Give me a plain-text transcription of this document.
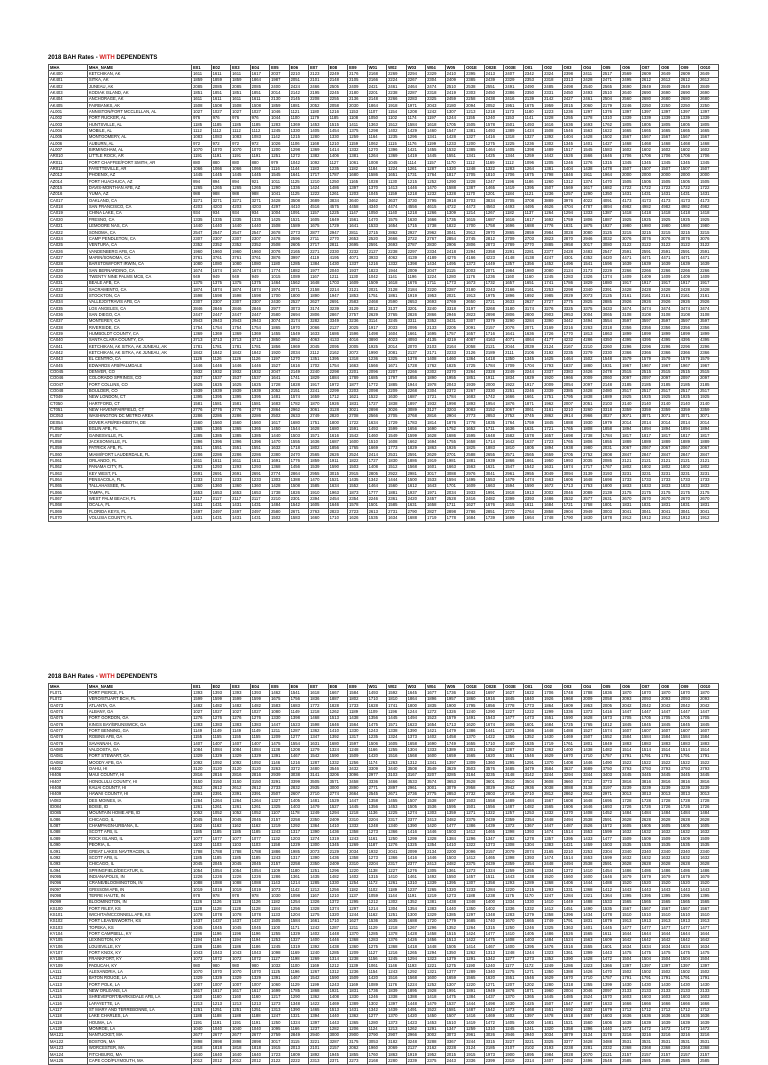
2018 BAH Rates - WITH DEPENDENTS
MHA	MHA_NAME	E01	E02	E03	E04	E05	E06	E07	E08	E09	W01	W02	W03	W04	W05	O01E	O02E	O03E	O01	O02	O03	O04	O05	O06	O07	O08	O09	O010
AK400	KETCHIKAN, AK	1611	1611	1611	1617	2037	2210	2123	2249	2176	2168	2269	2294	2329	2410	2395	2413	2407	2342	2324	2398	2411	2517	2569	2609	2649	2609	2649
AK401	SITKA, AK	1859	1859	1859	1864	1987	2051	2101	2148	2105	2166	2224	2267	2304	2409	2385	2439	2329	2353	2318	2313	2428	2471	2495	2612	2612	2612	2612
AK402	JUNEAU, AK	2085	2085	2085	2085	2400	2424	2466	2505	2409	2421	2461	2464	2474	2510	2538	2551	2491	2490	2485	2498	2540	2565	2690	2849	2849	2849	2849
AK403	KODIAK ISLAND, AK	1851	1851	1851	1851	2014	2142	2195	2245	2180	2201	2238	2287	2318	2419	2303	2450	2386	2350	2331	2450	2493	2510	2640	2690	2690	2690	2690
AK404	ANCHORAGE, AK	1611	1611	1611	1611	2130	2145	2208	2255	2136	2148	2266	2283	2325	2459	2258	2438	2416	2139	2142	2427	2461	2504	2560	2680	2680	2680	2680
AK405	FAIRBANKS, AK	1508	1508	1508	1508	1859	1881	2052	2058	2030	1864	1918	1971	2043	2180	2094	2052	1951	1675	1959	2015	2060	2179	2246	2250	2250	2250	2250
AL001	ANNISTON/FORT MCCLELLAN, AL	1027	1027	1027	1027	1046	1121	1180	1216	1153	1107	1154	1208	1242	1307	1213	1218	1173	1180	1223	1236	1297	1376	1397	1397	1397	1397	1397
AL002	FORT RUCKER, AL	976	976	976	976	1044	1100	1179	1185	1108	1050	1102	1174	1197	1244	1155	1240	1153	1141	1228	1255	1278	1310	1339	1339	1339	1339	1339
AL003	HUNTSVILLE, AL	1185	1185	1185	1185	1283	1369	1453	1515	1411	1363	1512	1584	1618	1705	1505	1578	1501	1493	1616	1636	1693	1762	1805	1805	1805	1805	1805
AL004	MOBILE, AL	1112	1112	1112	1112	1245	1330	1405	1454	1375	1298	1402	1429	1460	1547	1381	1493	1389	1424	1508	1546	1563	1622	1665	1665	1665	1665	1665
AL005	MONTGOMERY, AL	1083	1083	1083	1083	1142	1215	1280	1330	1259	1164	1235	1296	1341	1428	1327	1416	1318	1327	1392	1404	1428	1502	1567	1567	1567	1567	1567
AL006	AUBURN, AL	972	972	972	972	1026	1106	1168	1210	1159	1062	1115	1176	1199	1233	1200	1275	1225	1236	1302	1345	1401	1427	1468	1468	1468	1468	1468
AL007	BIRMINGHAM, AL	1070	1070	1070	1070	1200	1298	1369	1414	1332	1270	1396	1421	1455	1532	1385	1464	1405	1398	1489	1517	1545	1583	1602	1602	1602	1602	1602
AR010	LITTLE ROCK, AR	1191	1191	1191	1191	1251	1272	1382	1406	1381	1264	1369	1419	1445	1551	1341	1425	1344	1259	1442	1526	1566	1646	1706	1706	1706	1706	1706
AR011	FORT CHAFFEE/FORT SMITH, AR	880	880	880	880	979	1042	1092	1127	1061	1008	1045	1114	1157	1170	1112	1169	1112	1096	1205	1246	1276	1315	1345	1345	1345	1345	1345
AR012	FAYETTEVILLE, AR	1066	1066	1066	1066	1116	1144	1183	1235	1182	1184	1224	1261	1287	1320	1248	1322	1283	1264	1381	1404	1438	1478	1507	1507	1507	1507	1507
AZ012	PHOENIX, AZ	1445	1445	1445	1445	1545	1641	1717	1787	1680	1586	1651	1731	1764	1817	1705	1810	1706	1675	1798	1846	1911	1964	2000	2000	2000	2000	2000
AZ014	FORT HUACHUCA, AZ	894	894	894	921	1011	1125	1210	1250	1165	1028	1130	1215	1252	1290	1228	1247	1196	1186	1260	1312	1374	1470	1505	1505	1505	1505	1505
AZ015	DAVIS-MONTHAN AFB, AZ	1265	1265	1265	1265	1290	1336	1424	1486	1397	1370	1413	1446	1470	1588	1387	1465	1419	1395	1507	1569	1617	1682	1722	1722	1722	1722	1722
AZ016	YUMA, AZ	988	988	988	988	1041	1125	1222	1261	1203	1045	1159	1218	1232	1328	1170	1201	1184	1121	1236	1257	1290	1350	1431	1431	1431	1431	1431
CA017	OAKLAND, CA	3271	3271	3271	3271	3428	3508	3689	3834	3640	3462	3637	3730	3795	3918	3703	3834	3705	3708	3889	3976	4022	4091	4173	4173	4173	4173	4173
CA018	SAN FRANCISCO, CA	4203	4203	4203	4203	4297	4410	4516	4575	4458	4340	4474	4556	4615	4722	4473	4563	4493	4495	4626	4704	4787	4894	4982	4982	4982	4982	4982
CA019	CHINA LAKE, CA	934	934	934	934	1004	1091	1157	1225	1147	1050	1140	1218	1266	1309	1214	1267	1182	1137	1264	1294	1333	1387	1418	1418	1418	1418	1418
CA020	FRESNO, CA	1335	1335	1335	1335	1425	1521	1605	1649	1561	1470	1575	1630	1666	1735	1615	1687	1616	1617	1692	1759	1806	1887	1925	1925	1925	1925	1925
CA021	LEMOORE NAS, CA	1440	1440	1440	1440	1508	1589	1675	1729	1641	1533	1654	1715	1738	1822	1700	1758	1696	1688	1776	1831	1875	1927	1980	1980	1980	1980	1980
CA022	SONOMA, CA	2547	2547	2547	2547	2678	2773	2877	2947	2811	2715	2862	2927	2962	3041	2912	2970	2865	2859	2984	3028	3080	3125	3215	3215	3215	3215	3215
CA024	CAMP PENDLETON, CA	2307	2307	2307	2307	2478	2596	2711	2770	2653	2520	2666	2722	2767	2854	2745	2812	2709	2703	2823	2870	2946	3032	3076	3076	3076	3076	3076
CA025	VENTURA, CA	2352	2352	2352	2352	2508	2605	2717	2811	2695	2591	2693	2787	2830	2906	2806	2873	2789	2770	2885	2958	3017	3080	3122	3122	3122	3122	3122
CA026	VANDENBERG AFB, CA	1960	1960	1960	1960	2076	2165	2271	2330	2232	2127	2238	2297	2334	2418	2294	2358	2291	2281	2377	2428	2483	2547	2591	2591	2591	2591	2591
CA027	MARIN/SONOMA, CA	3761	3761	3761	3761	3876	3997	4119	4195	4071	3933	4062	4139	4189	4276	4166	4223	4148	4138	4247	4301	4352	4420	4471	4471	4471	4471	4471
CA028	BARSTOW/FORT IRWIN, CA	1080	1080	1080	1080	1180	1285	1384	1430	1337	1216	1332	1398	1434	1495	1373	1449	1357	1356	1452	1496	1541	1596	1639	1639	1639	1639	1639
CA029	SAN BERNARDINO, CA	1674	1674	1674	1674	1774	1882	1977	2040	1937	1823	1944	2009	2047	2115	2003	2071	1984	1980	2080	2124	2173	2229	2266	2266	2266	2266	2266
CA030	TWENTY NINE PALMS MCB, CA	949	949	949	949	1015	1089	1167	1211	1130	1042	1141	1196	1224	1280	1176	1236	1160	1160	1245	1283	1326	1374	1409	1409	1409	1409	1409
CA031	BEALE AFB, CA	1375	1375	1375	1375	1464	1562	1648	1703	1609	1509	1618	1676	1711	1773	1673	1732	1657	1651	1741	1786	1829	1880	1917	1917	1917	1917	1917
CA032	SACRAMENTO, CA	1874	1874	1874	1874	1974	2071	2158	2214	2121	2021	2128	2184	2220	2287	2180	2243	2166	2161	2253	2298	2340	2391	2428	2428	2428	2428	2428
CA033	STOCKTON, CA	1598	1598	1598	1598	1700	1800	1890	1947	1853	1751	1861	1919	1953	2021	1913	1975	1896	1892	1985	2029	2073	2125	2161	2161	2161	2161	2161
CA034	VALLEJO/TRAVIS AFB, CA	2307	2307	2307	2307	2430	2527	2627	2691	2583	2468	2590	2653	2693	2769	2650	2721	2633	2627	2727	2775	2825	2885	2926	2926	2926	2926	2926
CA035	LOS ANGELES, CA	2846	2846	2846	2846	2977	3073	3174	3239	3129	3012	3137	3201	3240	3318	3197	3268	3180	3174	3276	3325	3375	3433	3474	3474	3474	3474	3474
CA036	SAN DIEGO, CA	2447	2447	2447	2447	2580	2694	2806	2867	2757	2629	2765	2826	2866	2946	2823	2898	2806	2800	2903	2953	3004	3065	3108	3108	3108	3108	3108
CA037	MONTEREY, CA	2943	2943	2943	2943	3074	3174	3282	3349	3236	3114	3245	3311	3352	3431	3307	3379	3290	3284	3390	3442	3494	3554	3597	3597	3597	3597	3597
CA038	RIVERSIDE, CA	1754	1754	1754	1754	1865	1970	2066	2127	2025	1917	2033	2095	2133	2205	2091	2157	2076	2071	2169	2216	2263	2318	2356	2356	2356	2356	2356
CA039	HUMBOLDT COUNTY, CA	1369	1369	1369	1369	1455	1549	1633	1686	1596	1498	1604	1661	1695	1757	1657	1716	1641	1636	1726	1770	1813	1863	1899	1899	1899	1899	1899
CA040	SANTA CLARA COUNTY, CA	3713	3713	3713	3713	3850	3952	4063	4133	4016	3890	4023	4093	4135	4219	4087	4163	4071	4064	4177	4232	4286	4350	4395	4395	4395	4395	4395
CA041	KETCHIKAN, AK SITKA, AK JUNEAU, AK	1781	1781	1781	1781	1856	1969	2045	2095	2005	1925	2014	2070	2103	2164	2058	2121	2044	2039	2124	2167	2210	2260	2296	2296	2296	2296	2296
CA042	KETCHIKAN, AK SITKA, AK JUNEAU, AK	1842	1842	1842	1842	1920	2034	2112	2162	2072	1990	2081	2137	2171	2233	2126	2189	2111	2106	2192	2235	2279	2330	2366	2366	2366	2366	2366
CA043	EL CENTRO, CA	1126	1126	1126	1126	1197	1270	1351	1395	1318	1236	1325	1378	1408	1460	1364	1418	1350	1345	1425	1464	1502	1548	1579	1579	1579	1579	1579
CA045	EDWARDS AFB/PALMDALE	1446	1446	1446	1446	1527	1616	1702	1754	1663	1566	1671	1728	1762	1825	1725	1784	1709	1704	1793	1837	1880	1931	1967	1967	1967	1967	1967
CO045	DENVER, CO	1932	1932	1932	1932	2047	2149	2240	2298	2201	2096	2207	2266	2302	2370	2264	2328	2249	2244	2337	2383	2426	2478	2515	2515	2515	2515	2515
CO046	COLORADO SPRINGS, CO	1537	1537	1537	1537	1641	1741	1829	1884	1789	1685	1797	1856	1890	1955	1851	1911	1834	1829	1920	1966	2009	2060	2097	2097	2097	2097	2097
CO047	FORT COLLINS, CO	1625	1625	1625	1625	1728	1828	1917	1972	1877	1772	1885	1944	1978	2043	1939	2000	1922	1917	2009	2054	2097	2148	2185	2185	2185	2185	2185
CO048	BOULDER, CO	1939	1939	1939	1939	2052	2151	2241	2299	2203	2098	2209	2268	2304	2372	2267	2330	2251	2246	2339	2385	2428	2480	2517	2517	2517	2517	2517
CT049	NEW LONDON, CT	1395	1395	1395	1395	1481	1574	1659	1712	1621	1522	1630	1687	1721	1784	1683	1742	1666	1661	1751	1795	1838	1889	1925	1925	1925	1925	1925
CT050	HARTFORD, CT	1581	1581	1581	1581	1683	1782	1870	1926	1831	1727	1838	1897	1932	1998	1893	1954	1876	1871	1962	2007	2051	2103	2140	2140	2140	2140	2140
CT051	NEW HAVEN/FAIRFIELD, CT	2776	2776	2776	2776	2864	2962	3061	3128	3021	2898	3026	3089	3127	3203	3083	3152	3067	3061	3161	3210	3260	3318	3359	3359	3359	3359	3359
DC053	WASHINGTON DC METRO AREA	2286	2286	2286	2286	2502	2633	2749	2820	2708	2566	2705	2768	2816	2904	2773	2853	2752	2745	2862	2914	2966	3027	3071	3071	3071	3071	3071
DE054	DOVER AFB/REHOBOTH, DE	1560	1560	1560	1560	1617	1680	1751	1800	1722	1634	1729	1783	1814	1876	1778	1835	1764	1759	1845	1888	1930	1979	2014	2014	2014	2014	2014
FL056	EGLIN AFB, FL	1365	1365	1365	1365	1450	1544	1628	1680	1591	1493	1599	1656	1690	1752	1652	1711	1636	1631	1721	1765	1808	1858	1894	1894	1894	1894	1894
FL057	GAINESVILLE, FL	1385	1385	1385	1385	1440	1503	1571	1616	1542	1460	1549	1599	1628	1686	1595	1648	1582	1578	1657	1698	1738	1784	1817	1817	1817	1817	1817
FL058	JACKSONVILLE, FL	1396	1396	1396	1396	1470	1555	1636	1687	1600	1510	1608	1662	1694	1755	1658	1714	1642	1637	1723	1765	1806	1855	1889	1889	1889	1889	1889
FL059	PATRICK AFB, FL	1551	1551	1551	1551	1632	1718	1802	1856	1765	1669	1773	1829	1863	1926	1825	1883	1810	1805	1894	1938	1980	2031	2067	2067	2067	2067	2067
FL060	MIAMI/FORT LAUDERDALE, FL	2286	2286	2286	2286	2380	2470	2565	2626	2524	2414	2531	2591	2629	2701	2588	2655	2571	2565	2659	2705	2752	2808	2847	2847	2847	2847	2847
FL061	ORLANDO, FL	1611	1611	1611	1611	1691	1776	1859	1911	1822	1727	1830	1886	1919	1981	1881	1939	1866	1861	1950	1993	2035	2085	2121	2121	2121	2121	2121
FL062	PANAMA CITY, FL	1293	1293	1293	1293	1368	1456	1539	1590	1503	1408	1512	1568	1601	1663	1563	1621	1547	1542	1631	1674	1717	1767	1802	1802	1802	1802	1802
FL063	KEY WEST, FL	2691	2691	2691	2691	2774	2864	2955	3015	2915	2805	2922	2981	3017	3088	2976	3041	2961	2955	3049	3094	3139	3193	3231	3231	3231	3231	3231
FL064	PENSACOLA, FL	1233	1233	1233	1233	1303	1388	1470	1521	1435	1342	1444	1500	1533	1594	1495	1553	1479	1474	1563	1606	1648	1698	1733	1733	1733	1733	1733
FL065	TALLAHASSEE, FL	1360	1360	1360	1360	1428	1508	1585	1634	1552	1464	1560	1612	1643	1701	1609	1663	1594	1590	1672	1713	1753	1800	1833	1833	1833	1833	1833
FL066	TAMPA, FL	1653	1653	1653	1653	1738	1826	1910	1963	1873	1777	1881	1937	1971	2034	1933	1991	1918	1913	2002	2046	2089	2139	2175	2175	2175	2175	2175
FL067	WEST PALM BEACH, FL	2117	2117	2117	2117	2210	2301	2394	2454	2354	2246	2361	2420	2457	2528	2416	2482	2399	2393	2486	2532	2577	2631	2670	2670	2670	2670	2670
FL068	OCALA, FL	1431	1431	1431	1431	1484	1542	1605	1646	1578	1501	1585	1631	1658	1711	1627	1676	1615	1611	1684	1721	1758	1801	1831	1831	1831	1831	1831
FL069	FLORIDA KEYS, FL	2497	2497	2497	2497	2580	2671	2763	2823	2723	2613	2731	2790	2827	2898	2786	2851	2770	2764	2858	2904	2949	3003	3041	3041	3041	3041	3041
FL070	VOLUSIA COUNTY, FL	1431	1431	1431	1431	1502	1583	1660	1710	1626	1535	1634	1688	1719	1778	1684	1739	1669	1664	1748	1790	1830	1878	1912	1912	1912	1912	1912
2018 BAH Rates - WITH DEPENDENTS
MHA	MHA_NAME	E01	E02	E03	E04	E05	E06	E07	E08	E09	W01	W02	W03	W04	W05	O01E	O02E	O03E	O01	O02	O03	O04	O05	O06	O07	O08	O09	O010
FL071	FORT PIERCE, FL	1393	1393	1393	1393	1462	1541	1618	1667	1584	1493	1592	1645	1677	1736	1642	1697	1627	1622	1706	1748	1788	1836	1870	1870	1870	1870	1870
FL072	VERO/STUART BCH, FL	1599	1599	1599	1599	1675	1756	1836	1887	1802	1710	1810	1864	1896	1957	1860	1916	1845	1840	1926	1968	2009	2058	2093	2093	2093	2093	2093
GA073	ATLANTA, GA	1482	1482	1482	1482	1583	1683	1772	1828	1733	1628	1741	1800	1835	1900	1795	1856	1778	1773	1864	1909	1953	2005	2042	2042	2042	2042	2042
GA074	ALBANY, GA	1027	1027	1027	1027	1080	1149	1218	1262	1189	1109	1196	1244	1272	1326	1240	1290	1227	1222	1299	1336	1373	1416	1447	1447	1447	1447	1447
GA075	FORT GORDON, GA	1276	1276	1276	1276	1330	1398	1468	1513	1438	1356	1445	1494	1523	1579	1491	1543	1477	1473	1551	1590	1628	1673	1705	1705	1705	1705	1705
GA076	KINGS BAY/BRUNSWICK, GA	1383	1383	1383	1383	1447	1523	1598	1646	1564	1475	1571	1623	1654	1713	1620	1674	1606	1601	1684	1725	1765	1812	1845	1845	1845	1845	1845
GA077	FORT BENNING, GA	1149	1149	1149	1149	1211	1287	1362	1410	1330	1243	1338	1390	1421	1479	1386	1441	1371	1366	1448	1488	1527	1574	1607	1607	1607	1607	1607
GA078	ROBINS AFB, GA	1155	1155	1155	1155	1209	1277	1347	1392	1317	1235	1324	1373	1402	1458	1370	1422	1356	1352	1430	1469	1507	1552	1584	1584	1584	1584	1584
GA079	SAVANNAH, GA	1407	1407	1407	1407	1475	1554	1631	1680	1597	1506	1605	1658	1690	1749	1655	1710	1640	1635	1719	1761	1801	1849	1883	1883	1883	1883	1883
GA080	VALDOSTA, GA	1084	1084	1084	1084	1138	1208	1279	1324	1248	1166	1255	1304	1333	1389	1301	1352	1287	1283	1362	1400	1438	1482	1514	1514	1514	1514	1514
GA081	FORT STEWART, GA	1329	1329	1329	1329	1391	1467	1542	1590	1509	1420	1516	1568	1600	1659	1565	1620	1551	1546	1629	1670	1710	1757	1791	1791	1791	1791	1791
GA082	MOODY AFB, GA	1092	1092	1092	1092	1146	1216	1287	1332	1256	1174	1263	1312	1341	1397	1309	1360	1295	1291	1370	1408	1446	1490	1522	1522	1522	1522	1522
HI402	OAHU, HI	3120	3120	3120	3120	3263	3372	3480	3546	3432	3309	3440	3508	3549	3629	3503	3576	3485	3479	3584	3637	3689	3750	3793	3793	3793	3793	3793
HI406	MAUI COUNTY, HI	2816	2816	2816	2816	2939	3038	3141	3206	3096	2977	3103	3167	3207	3285	3164	3235	3148	3142	3244	3294	3344	3403	3445	3445	3445	3445	3445
HI407	HONOLULU COUNTY, HI	3150	3150	3150	3150	3291	3399	3505	3571	3458	3336	3466	3533	3574	3653	3528	3601	3510	3504	3608	3660	3712	3773	3816	3816	3816	3816	3816
HI408	KAUAI COUNTY, HI	2612	2612	2612	2612	2733	2832	2935	3000	2890	2771	2897	2961	3001	3079	2958	3029	2942	2936	3038	3088	3138	3197	3239	3239	3239	3239	3239
HI409	HAWAII COUNTY, HI	2391	2391	2391	2391	2507	2607	2710	2774	2664	2545	2671	2736	2775	2853	2732	2803	2716	2710	2812	2862	2912	2971	3013	3013	3013	3013	3013
IA083	DES MOINES, IA	1264	1264	1264	1264	1327	1405	1481	1529	1447	1358	1455	1507	1538	1597	1503	1558	1489	1484	1567	1608	1648	1695	1728	1728	1728	1728	1728
ID084	BOISE, ID	1261	1261	1261	1261	1325	1403	1479	1527	1445	1356	1453	1505	1536	1595	1501	1556	1487	1482	1565	1606	1646	1693	1726	1726	1726	1726	1726
ID085	MOUNTAIN HOME AFB, ID	1052	1052	1052	1052	1107	1178	1249	1294	1218	1136	1225	1274	1303	1359	1271	1322	1257	1253	1332	1370	1408	1452	1484	1484	1484	1484	1484
IL086	CHICAGO, IL	2045	2045	2045	2045	2157	2258	2350	2409	2310	2204	2317	2377	2413	2482	2375	2439	2359	2354	2448	2494	2538	2591	2628	2628	2628	2628	2628
IL087	CHAMPAIGN-URBANA, IL	1162	1162	1162	1162	1219	1292	1364	1410	1332	1248	1340	1390	1420	1477	1386	1439	1372	1367	1447	1487	1526	1572	1605	1605	1605	1605	1605
IL088	SCOTT AFB, IL	1185	1185	1185	1185	1243	1317	1390	1436	1358	1273	1366	1416	1446	1503	1412	1465	1398	1393	1474	1514	1553	1599	1632	1632	1632	1632	1632
IL089	ROCK ISLAND, IL	1077	1077	1077	1077	1132	1203	1274	1319	1243	1161	1250	1299	1328	1384	1296	1347	1282	1278	1357	1395	1433	1477	1509	1509	1509	1509	1509
IL090	PEORIA, IL	1103	1103	1103	1103	1158	1229	1300	1345	1269	1187	1276	1325	1354	1410	1322	1373	1308	1304	1383	1421	1459	1503	1535	1535	1535	1535	1535
IL091	GREAT LAKES NAVTRACEN, IL	1788	1788	1788	1788	1886	1985	2073	2129	2034	1932	2041	2099	2134	2200	2096	2157	2079	2074	2165	2210	2253	2304	2340	2340	2340	2340	2340
IL092	SCOTT AFB, IL	1185	1185	1185	1185	1243	1317	1390	1436	1358	1273	1366	1416	1446	1503	1412	1465	1398	1393	1474	1514	1553	1599	1632	1632	1632	1632	1632
IL093	CHICAGO, IL	2045	2045	2045	2045	2157	2258	2350	2409	2310	2204	2317	2377	2413	2482	2375	2439	2359	2354	2448	2494	2538	2591	2628	2628	2628	2628	2628
IL094	SPRINGFIELD/DECATUR, IL	1054	1054	1054	1054	1109	1180	1251	1296	1220	1138	1227	1276	1305	1361	1273	1324	1259	1255	1334	1372	1410	1454	1486	1486	1486	1486	1486
IN095	INDIANAPOLIS, IN	1226	1226	1226	1226	1286	1361	1435	1482	1402	1315	1410	1461	1492	1550	1457	1511	1443	1438	1520	1560	1600	1646	1679	1679	1679	1679	1679
IN096	CRANE/BLOOMINGTON, IN	1088	1088	1088	1088	1143	1214	1285	1330	1254	1172	1261	1310	1339	1395	1307	1358	1293	1289	1368	1406	1444	1488	1520	1520	1520	1520	1520
IN097	GRISSOM AFB, IN	1019	1019	1019	1019	1073	1142	1212	1256	1182	1102	1189	1237	1265	1320	1233	1284	1220	1215	1293	1331	1368	1412	1443	1443	1443	1443	1443
IN098	TERRE HAUTE, IN	978	978	978	978	1030	1098	1167	1210	1137	1059	1144	1191	1219	1273	1188	1238	1175	1170	1247	1284	1321	1364	1395	1395	1395	1395	1395
IN099	BLOOMINGTON, IN	1126	1126	1126	1126	1182	1254	1326	1372	1295	1212	1302	1352	1381	1438	1348	1400	1334	1330	1410	1449	1488	1533	1565	1565	1565	1565	1565
KS100	FORT RILEY, KS	1128	1128	1128	1128	1184	1256	1328	1374	1297	1214	1304	1354	1383	1440	1350	1402	1336	1332	1412	1451	1490	1535	1567	1567	1567	1567	1567
KS101	WICHITA/MCCONNELL AFB, KS	1078	1078	1078	1078	1133	1204	1275	1320	1244	1162	1251	1300	1329	1385	1297	1348	1283	1279	1358	1396	1434	1478	1510	1510	1510	1510	1510
KS102	FORT LEAVENWORTH, KS	1437	1437	1437	1437	1505	1584	1661	1710	1627	1536	1635	1688	1720	1779	1685	1740	1670	1665	1749	1791	1831	1879	1913	1913	1913	1913	1913
KS103	TOPEKA, KS	1045	1045	1045	1045	1100	1171	1242	1287	1211	1129	1218	1267	1296	1352	1264	1315	1250	1246	1325	1363	1401	1445	1477	1477	1477	1477	1477
KY104	FORT CAMPBELL, KY	1196	1196	1196	1196	1255	1329	1402	1448	1370	1285	1378	1428	1458	1515	1424	1477	1410	1405	1486	1526	1565	1611	1644	1644	1644	1644	1644
KY105	LEXINGTON, KY	1194	1194	1194	1194	1253	1327	1400	1446	1368	1283	1376	1426	1456	1513	1422	1475	1408	1403	1484	1524	1563	1609	1642	1642	1642	1642	1642
KY106	LOUISVILLE, KY	1186	1186	1186	1186	1245	1319	1392	1438	1360	1275	1368	1418	1448	1505	1414	1467	1400	1395	1476	1516	1555	1601	1634	1634	1634	1634	1634
KY107	FORT KNOX, KY	1043	1043	1043	1043	1098	1169	1240	1285	1209	1127	1216	1265	1294	1350	1262	1313	1248	1244	1323	1361	1399	1443	1475	1475	1475	1475	1475
KY108	FRANKFORT, KY	1072	1072	1072	1072	1127	1198	1269	1314	1238	1156	1245	1294	1323	1379	1291	1342	1277	1273	1352	1390	1428	1472	1504	1504	1504	1504	1504
KY109	PADUCAH, KY	980	980	980	980	1032	1100	1169	1212	1139	1061	1146	1193	1221	1275	1190	1240	1177	1172	1249	1286	1323	1366	1397	1397	1397	1397	1397
LA111	ALEXANDRIA, LA	1070	1070	1070	1070	1125	1196	1267	1312	1236	1154	1243	1292	1321	1377	1289	1340	1275	1271	1350	1388	1426	1470	1502	1502	1502	1502	1502
LA112	BATON ROUGE, LA	1329	1329	1329	1329	1391	1467	1542	1590	1509	1420	1516	1568	1600	1659	1565	1620	1551	1546	1629	1670	1710	1757	1791	1791	1791	1791	1791
LA113	FORT POLK, LA	1007	1007	1007	1007	1060	1129	1199	1243	1169	1089	1176	1224	1252	1307	1220	1271	1207	1202	1280	1318	1355	1399	1430	1430	1430	1430	1430
LA114	NEW ORLEANS, LA	1617	1617	1617	1617	1699	1785	1868	1921	1831	1736	1839	1895	1928	1991	1891	1949	1876	1871	1960	2004	2046	2097	2133	2133	2133	2133	2133
LA115	SHREVEPORT/BARKSDALE AFB, LA	1160	1160	1160	1160	1217	1290	1362	1408	1330	1246	1338	1388	1418	1475	1384	1437	1370	1365	1445	1485	1524	1570	1603	1603	1603	1603	1603
LA116	LAFAYETTE, LA	1213	1213	1213	1213	1273	1348	1422	1469	1389	1302	1397	1448	1479	1537	1444	1498	1430	1425	1507	1547	1587	1633	1666	1666	1666	1666	1666
LA117	ST MARY AND TERREBONNE, LA	1251	1251	1251	1251	1313	1390	1465	1513	1431	1342	1439	1491	1522	1581	1487	1542	1473	1468	1551	1592	1632	1679	1712	1712	1712	1712	1712
LA118	LAKE CHARLES, LA	1188	1188	1188	1188	1247	1321	1394	1440	1362	1277	1370	1420	1450	1507	1416	1469	1402	1397	1478	1518	1557	1603	1636	1636	1636	1636	1636
LA119	HOUMA, LA	1191	1191	1191	1191	1250	1324	1397	1443	1365	1280	1373	1423	1453	1510	1419	1472	1405	1400	1481	1521	1560	1606	1639	1639	1639	1639	1639
LA120	MONROE, LA	1040	1040	1040	1040	1095	1166	1237	1282	1206	1124	1213	1262	1291	1347	1259	1310	1245	1241	1320	1358	1396	1440	1472	1472	1472	1472	1472
MA121	NANTUCKET, MA	2677	2677	2677	2677	2759	2849	2940	3000	2900	2790	2907	2966	3002	3073	2961	3026	2946	2940	3034	3079	3124	3178	3216	3216	3216	3216	3216
MA122	BOSTON, MA	2898	2898	2898	2898	3017	3115	3221	3287	3175	3053	3182	3248	3288	3367	3244	3315	3227	3221	3325	3377	3428	3488	3531	3531	3531	3531	3531
MA123	WORCESTER, MA	1818	1818	1818	1818	1915	2013	2101	2157	2062	1960	2069	2127	2162	2228	2124	2185	2107	2102	2193	2238	2281	2332	2368	2368	2368	2368	2368
MA124	FITCHBURG, MA	1640	1640	1640	1640	1723	1809	1892	1945	1855	1760	1863	1919	1952	2015	1915	1973	1900	1895	1984	2028	2070	2121	2157	2157	2157	2157	2157
MA125	CAPE COD/PLYMOUTH, MA	2012	2012	2012	2012	2122	2222	2313	2371	2273	2168	2280	2339	2375	2443	2336	2399	2319	2314	2407	2452	2496	2548	2585	2585	2585	2585	2585
